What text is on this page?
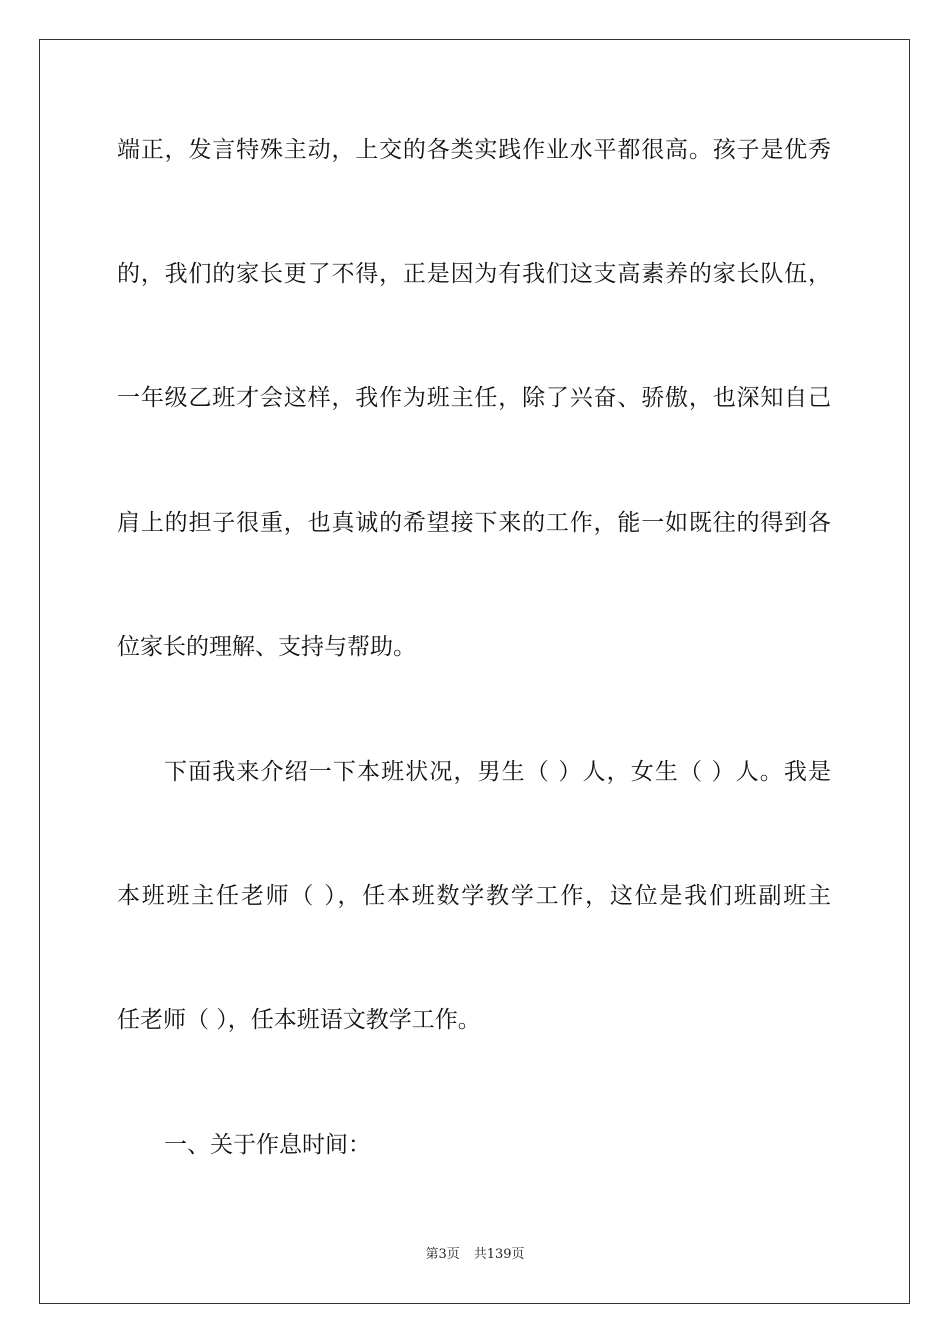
端正，发言特殊主动，上交的各类实践作业水平都很高。孩子是优秀
的，我们的家长更了不得，正是因为有我们这支高素养的家长队伍，
一年级乙班才会这样，我作为班主任，除了兴奋、骄傲，也深知自己
肩上的担子很重，也真诚的希望接下来的工作，能一如既往的得到各
位家长的理解、支持与帮助。
下面我来介绍一下本班状况，男生（ ）人，女生（ ）人。我是
本班班主任老师（ ），任本班数学教学工作，这位是我们班副班主
任老师（ ），任本班语文教学工作。
一、关于作息时间：
第3页 共139页
